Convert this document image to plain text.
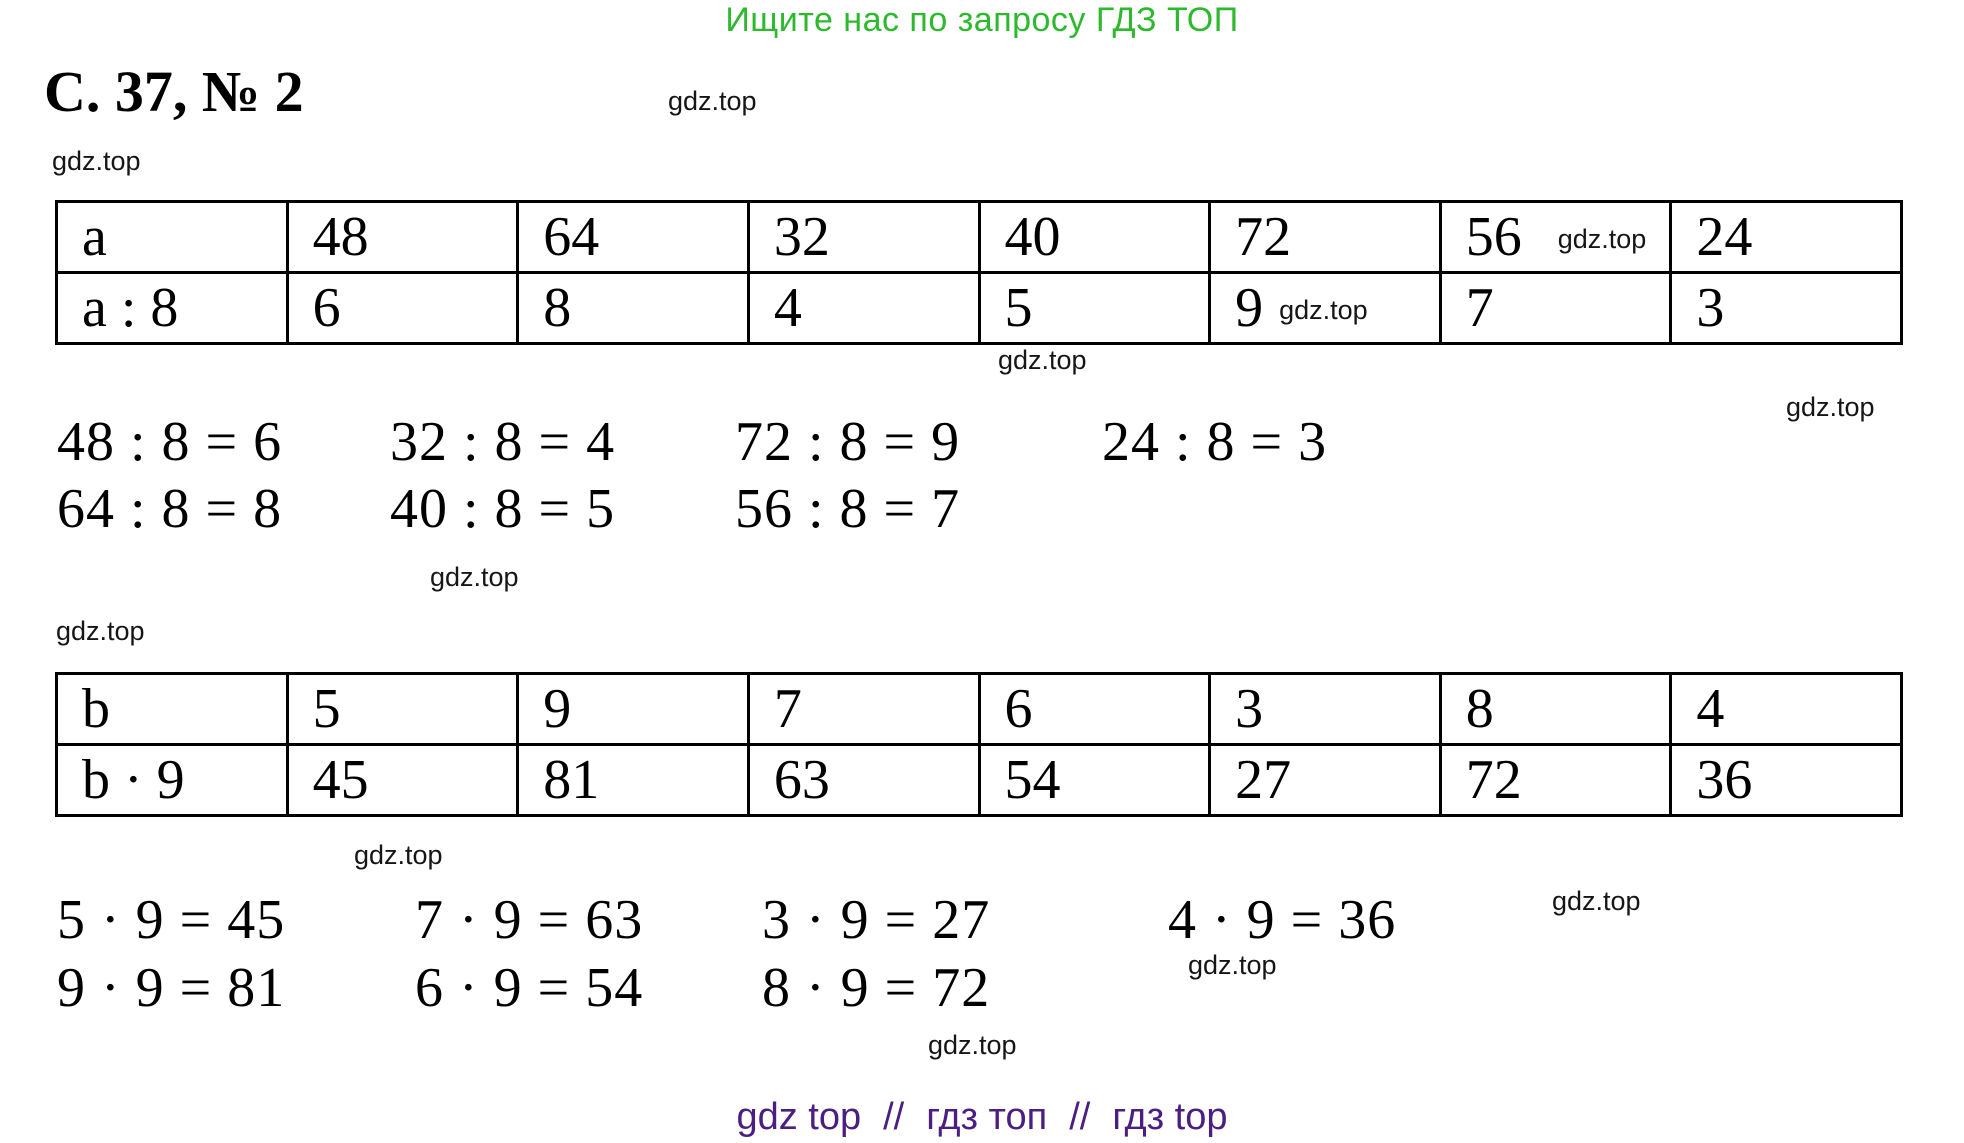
Ищите нас по запросу ГДЗ ТОП
С. 37, № 2	gdz.top
gdz.top
a	48	64	32	40	72	56 gdz.top	24
a : 8	6	8	4	5	9 gdz.top	7	3
gdz.top
gdz.top
48 : 8 = 6 32 : 8 = 4 72 : 8 = 9	24 : 8 = 3
64 : 8 = 8 40 : 8 = 5 56 : 8 = 7
gdz.top
gdz.top
b	5	9	7	6	3	8	4
b · 9	45	81	63	54	27	72	36
gdz.top
gdz.top
5 · 9 = 45 7 · 9 = 63 3 · 9 = 27	4 · 9 = 36
9 · 9 = 81 6 · 9 = 54 8 · 9 = 72	gdz.top
gdz.top
gdz top // гдз топ // гдз top
